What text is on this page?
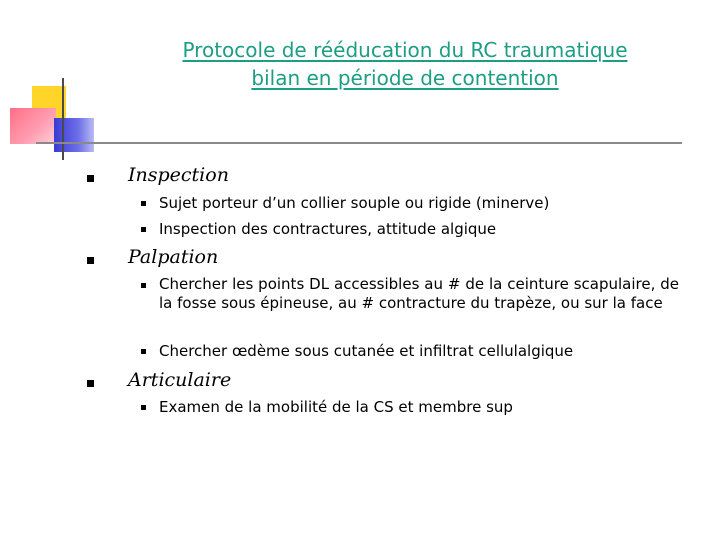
Protocole de rééducation du RC traumatique
bilan en période de contention
Inspection
Sujet porteur d’un collier souple ou rigide (minerve)
Inspection des contractures, attitude algique
Palpation
Chercher les points DL accessibles au # de la ceinture scapulaire, de la fosse sous épineuse, au # contracture du trapèze, ou sur la face
Chercher œdème sous cutanée et infiltrat cellulalgique
Articulaire
Examen de la mobilité de la CS et membre sup
